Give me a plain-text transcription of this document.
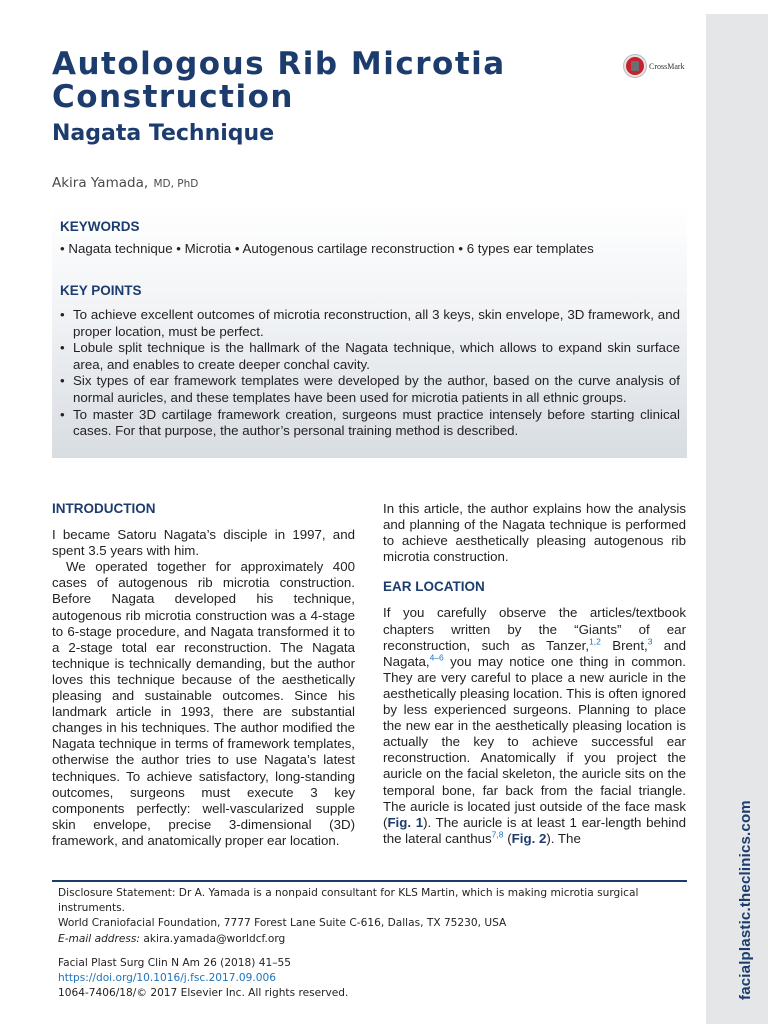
facialplastic.theclinics.com
Autologous Rib Microtia
Construction
Nagata Technique
CrossMark
Akira Yamada, MD, PhD
KEYWORDS
• Nagata technique • Microtia • Autogenous cartilage reconstruction • 6 types ear templates
KEY POINTS
• To achieve excellent outcomes of microtia reconstruction, all 3 keys, skin envelope, 3D framework, and proper location, must be perfect.
• Lobule split technique is the hallmark of the Nagata technique, which allows to expand skin surface area, and enables to create deeper conchal cavity.
• Six types of ear framework templates were developed by the author, based on the curve analysis of normal auricles, and these templates have been used for microtia patients in all ethnic groups.
• To master 3D cartilage framework creation, surgeons must practice intensely before starting clinical cases. For that purpose, the author’s personal training method is described.
INTRODUCTION

I became Satoru Nagata’s disciple in 1997, and spent 3.5 years with him.

We operated together for approximately 400 cases of autogenous rib microtia construction. Before Nagata developed his technique, autogenous rib microtia construction was a 4-stage to 6-stage procedure, and Nagata transformed it to a 2-stage total ear reconstruction. The Nagata technique is technically demanding, but the author loves this technique because of the aesthetically pleasing and sustainable outcomes. Since his landmark article in 1993, there are substantial changes in his techniques. The author modified the Nagata technique in terms of framework templates, otherwise the author tries to use Nagata’s latest techniques. To achieve satisfactory, long-standing outcomes, surgeons must execute 3 key components perfectly: well-vascularized supple skin envelope, precise 3-dimensional (3D) framework, and anatomically proper ear location.

In this article, the author explains how the analysis and planning of the Nagata technique is performed to achieve aesthetically pleasing autogenous rib microtia construction.

EAR LOCATION

If you carefully observe the articles/textbook chapters written by the “Giants” of ear reconstruction, such as Tanzer,$^{1,2}$ Brent,$^3$ and Nagata,$^{4-6}$ you may notice one thing in common. They are very careful to place a new auricle in the aesthetically pleasing location. This is often ignored by less experienced surgeons. Planning to place the new ear in the aesthetically pleasing location is actually the key to achieve successful ear reconstruction. Anatomically if you project the auricle on the facial skeleton, the auricle sits on the temporal bone, far back from the facial triangle. The auricle is located just outside of the face mask (Fig. 1). The auricle is at least 1 ear-length behind the lateral canthus$^{7,8}$ (Fig. 2). The

Disclosure Statement: Dr A. Yamada is a nonpaid consultant for KLS Martin, which is making microtia surgical instruments.
World Craniofacial Foundation, 7777 Forest Lane Suite C-616, Dallas, TX 75230, USA
E-mail address: akira.yamada@worldcf.org
Facial Plast Surg Clin N Am 26 (2018) 41–55
https://doi.org/10.1016/j.fsc.2017.09.006
1064-7406/18/© 2017 Elsevier Inc. All rights reserved.
